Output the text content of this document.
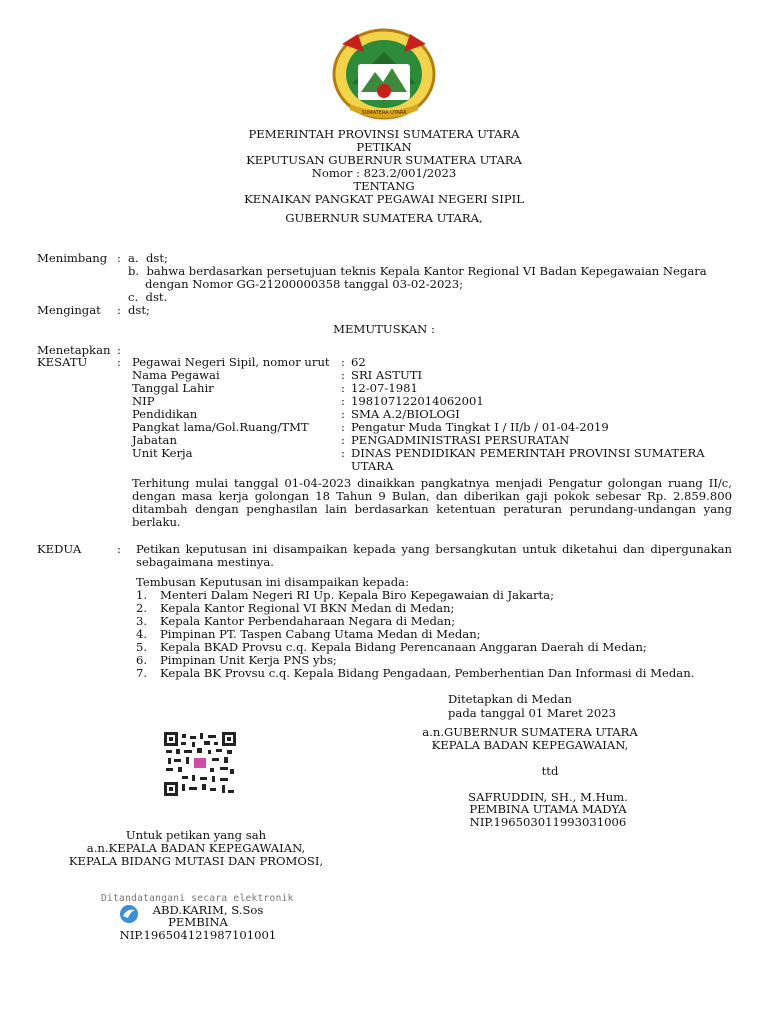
SUMATERA UTARA
PEMERINTAH PROVINSI SUMATERA UTARA
PETIKAN
KEPUTUSAN GUBERNUR SUMATERA UTARA
Nomor : 823.2/001/2023
TENTANG
KENAIKAN PANGKAT PEGAWAI NEGERI SIPIL
GUBERNUR SUMATERA UTARA,
Menimbang : a.  dst;
b.  bahwa berdasarkan persetujuan teknis Kepala Kantor Regional VI Badan Kepegawaian Negara
dengan Nomor GG-21200000358 tanggal 03-02-2023;
c.  dst.
Mengingat : dst;
MEMUTUSKAN :
Menetapkan :
KESATU	: Pegawai Negeri Sipil, nomor urut : 62
Nama Pegawai	: SRI ASTUTI
Tanggal Lahir	: 12-07-1981
NIP	: 198107122014062001
Pendidikan	: SMA A.2/BIOLOGI
Pangkat lama/Gol.Ruang/TMT	: Pengatur Muda Tingkat I / II/b / 01-04-2019
Jabatan	: PENGADMINISTRASI PERSURATAN
Unit Kerja	: DINAS PENDIDIKAN PEMERINTAH PROVINSI SUMATERA
UTARA
Terhitung mulai tanggal 01-04-2023 dinaikkan pangkatnya menjadi Pengatur golongan ruang II/c, dengan masa kerja golongan 18 Tahun 9 Bulan, dan diberikan gaji pokok sebesar Rp. 2.859.800 ditambah dengan penghasilan lain berdasarkan ketentuan peraturan perundang-undangan yang berlaku.
KEDUA	: Petikan keputusan ini disampaikan kepada yang bersangkutan untuk diketahui dan dipergunakan sebagaimana mestinya.
Tembusan Keputusan ini disampaikan kepada:
1. Menteri Dalam Negeri RI Up. Kepala Biro Kepegawaian di Jakarta;
2. Kepala Kantor Regional VI BKN Medan di Medan;
3. Kepala Kantor Perbendaharaan Negara di Medan;
4. Pimpinan PT. Taspen Cabang Utama Medan di Medan;
5. Kepala BKAD Provsu c.q. Kepala Bidang Perencanaan Anggaran Daerah di Medan;
6. Pimpinan Unit Kerja PNS ybs;
7. Kepala BK Provsu c.q. Kepala Bidang Pengadaan, Pemberhentian Dan Informasi di Medan.
Ditetapkan di Medan
pada tanggal 01 Maret 2023
a.n.GUBERNUR SUMATERA UTARA
KEPALA BADAN KEPEGAWAIAN,
ttd
SAFRUDDIN, SH., M.Hum.
PEMBINA UTAMA MADYA
NIP.196503011993031006
Untuk petikan yang sah
a.n.KEPALA BADAN KEPEGAWAIAN,
KEPALA BIDANG MUTASI DAN PROMOSI,
Ditandatangani secara elektronik
ABD.KARIM, S.Sos
PEMBINA
NIP.196504121987101001
